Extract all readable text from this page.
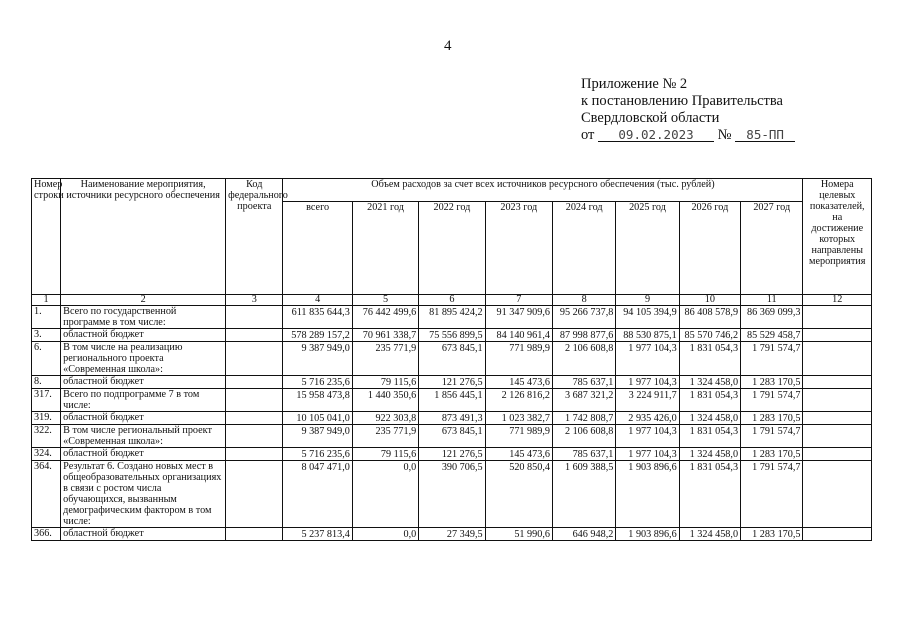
4
Приложение № 2
к постановлению Правительства
Свердловской области
от 09.02.2023 № 85-ПП
Номер строки	Наименование мероприятия, источники ресурсного обеспечения	Код федерального проекта	Объем расходов за счет всех источников ресурсного обеспечения (тыс. рублей)								Номера целевых показателей, на достижение которых направлены мероприятия
			всего	2021 год	2022 год	2023 год	2024 год	2025 год	2026 год	2027 год	
1	2	3	4	5	6	7	8	9	10	11	12
1.	Всего по государственной программе в том числе:		611 835 644,3	76 442 499,6	81 895 424,2	91 347 909,6	95 266 737,8	94 105 394,9	86 408 578,9	86 369 099,3	
3.	областной бюджет		578 289 157,2	70 961 338,7	75 556 899,5	84 140 961,4	87 998 877,6	88 530 875,1	85 570 746,2	85 529 458,7	
6.	В том числе на реализацию регионального проекта «Современная школа»:		9 387 949,0	235 771,9	673 845,1	771 989,9	2 106 608,8	1 977 104,3	1 831 054,3	1 791 574,7	
8.	областной бюджет		5 716 235,6	79 115,6	121 276,5	145 473,6	785 637,1	1 977 104,3	1 324 458,0	1 283 170,5	
317.	Всего по подпрограмме 7 в том числе:		15 958 473,8	1 440 350,6	1 856 445,1	2 126 816,2	3 687 321,2	3 224 911,7	1 831 054,3	1 791 574,7	
319.	областной бюджет		10 105 041,0	922 303,8	873 491,3	1 023 382,7	1 742 808,7	2 935 426,0	1 324 458,0	1 283 170,5	
322.	В том числе региональный проект «Современная школа»:		9 387 949,0	235 771,9	673 845,1	771 989,9	2 106 608,8	1 977 104,3	1 831 054,3	1 791 574,7	
324.	областной бюджет		5 716 235,6	79 115,6	121 276,5	145 473,6	785 637,1	1 977 104,3	1 324 458,0	1 283 170,5	
364.	Результат 6. Создано новых мест в общеобразовательных организациях в связи с ростом числа обучающихся, вызванным демографическим фактором в том числе:		8 047 471,0	0,0	390 706,5	520 850,4	1 609 388,5	1 903 896,6	1 831 054,3	1 791 574,7	
366.	областной бюджет		5 237 813,4	0,0	27 349,5	51 990,6	646 948,2	1 903 896,6	1 324 458,0	1 283 170,5	
